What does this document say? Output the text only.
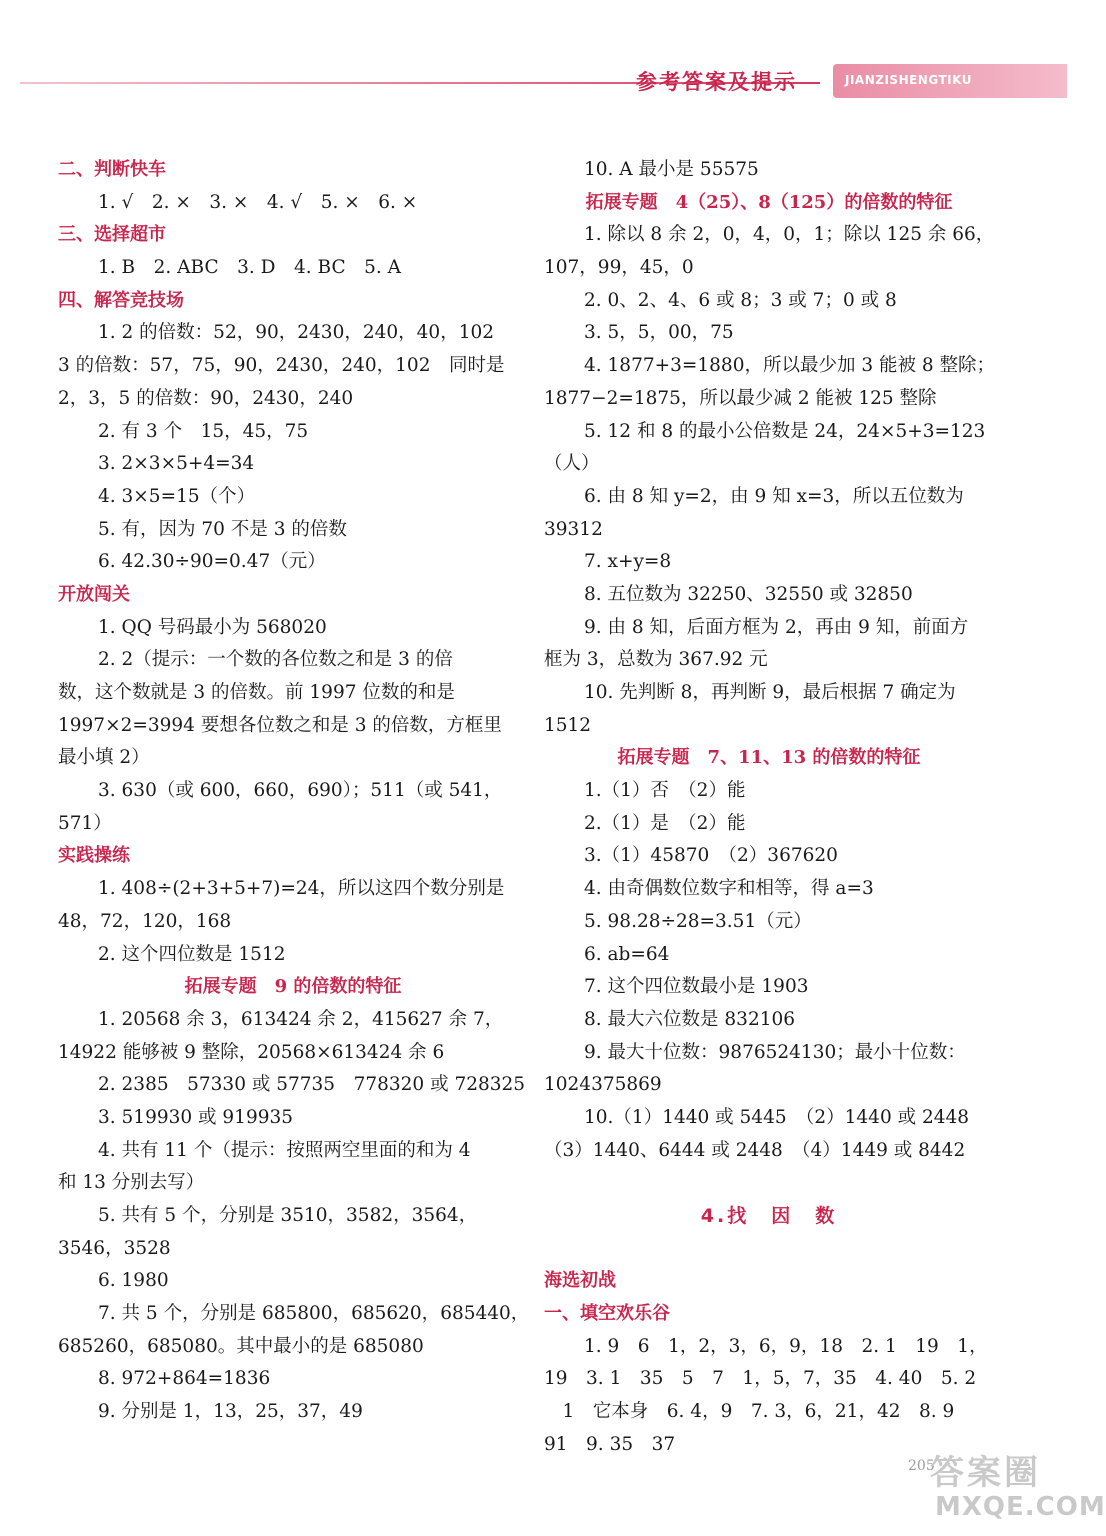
参考答案及提示	JIANZISHENGTIKU
二、判断快车
1. √　2. ×　3. ×　4. √　5. ×　6. ×
三、选择超市
1. B　2. ABC　3. D　4. BC　5. A
四、解答竞技场
1. 2 的倍数：52，90，2430，240，40，102
3 的倍数：57，75，90，2430，240，102　同时是
2，3，5 的倍数：90，2430，240
2. 有 3 个　15，45，75
3. 2×3×5+4=34
4. 3×5=15（个）
5. 有，因为 70 不是 3 的倍数
6. 42.30÷90=0.47（元）
开放闯关
1. QQ 号码最小为 568020
2. 2（提示：一个数的各位数之和是 3 的倍
数，这个数就是 3 的倍数。前 1997 位数的和是
1997×2=3994 要想各位数之和是 3 的倍数，方框里
最小填 2）
3. 630（或 600，660，690）；511（或 541，
571）
实践操练
1. 408÷(2+3+5+7)=24，所以这四个数分别是
48，72，120，168
2. 这个四位数是 1512
拓展专题　9 的倍数的特征
1. 20568 余 3，613424 余 2，415627 余 7，
14922 能够被 9 整除，20568×613424 余 6
2. 2385　57330 或 57735　778320 或 728325
3. 519930 或 919935
4. 共有 11 个（提示：按照两空里面的和为 4
和 13 分别去写）
5. 共有 5 个，分别是 3510，3582，3564，
3546，3528
6. 1980
7. 共 5 个，分别是 685800，685620，685440，
685260，685080。其中最小的是 685080
8. 972+864=1836
9. 分别是 1，13，25，37，49
10. A 最小是 55575
拓展专题　4（25）、8（125）的倍数的特征
1. 除以 8 余 2，0，4，0，1；除以 125 余 66，
107，99，45，0
2. 0、2、4、6 或 8；3 或 7；0 或 8
3. 5，5，00，75
4. 1877+3=1880，所以最少加 3 能被 8 整除；
1877−2=1875，所以最少减 2 能被 125 整除
5. 12 和 8 的最小公倍数是 24，24×5+3=123
（人）
6. 由 8 知 y=2，由 9 知 x=3，所以五位数为
39312
7. x+y=8
8. 五位数为 32250、32550 或 32850
9. 由 8 知，后面方框为 2，再由 9 知，前面方
框为 3，总数为 367.92 元
10. 先判断 8，再判断 9，最后根据 7 确定为
1512
拓展专题　7、11、13 的倍数的特征
1.（1）否　（2）能
2.（1）是　（2）能
3.（1）45870　（2）367620
4. 由奇偶数位数字和相等，得 a=3
5. 98.28÷28=3.51（元）
6. ab=64
7. 这个四位数最小是 1903
8. 最大六位数是 832106
9. 最大十位数：9876524130；最小十位数：
1024375869
10.（1）1440 或 5445　（2）1440 或 2448
（3）1440、6444 或 2448　（4）1449 或 8442
4.找　因　数
海选初战
一、填空欢乐谷
1. 9　6　1，2，3，6，9，18　2. 1　19　1，
19　3. 1　35　5　7　1，5，7，35　4. 40　5. 2
　1　它本身　6. 4，9　7. 3，6，21，42　8. 9
91　9. 35　37
205
答案圈
MXQE.COM
